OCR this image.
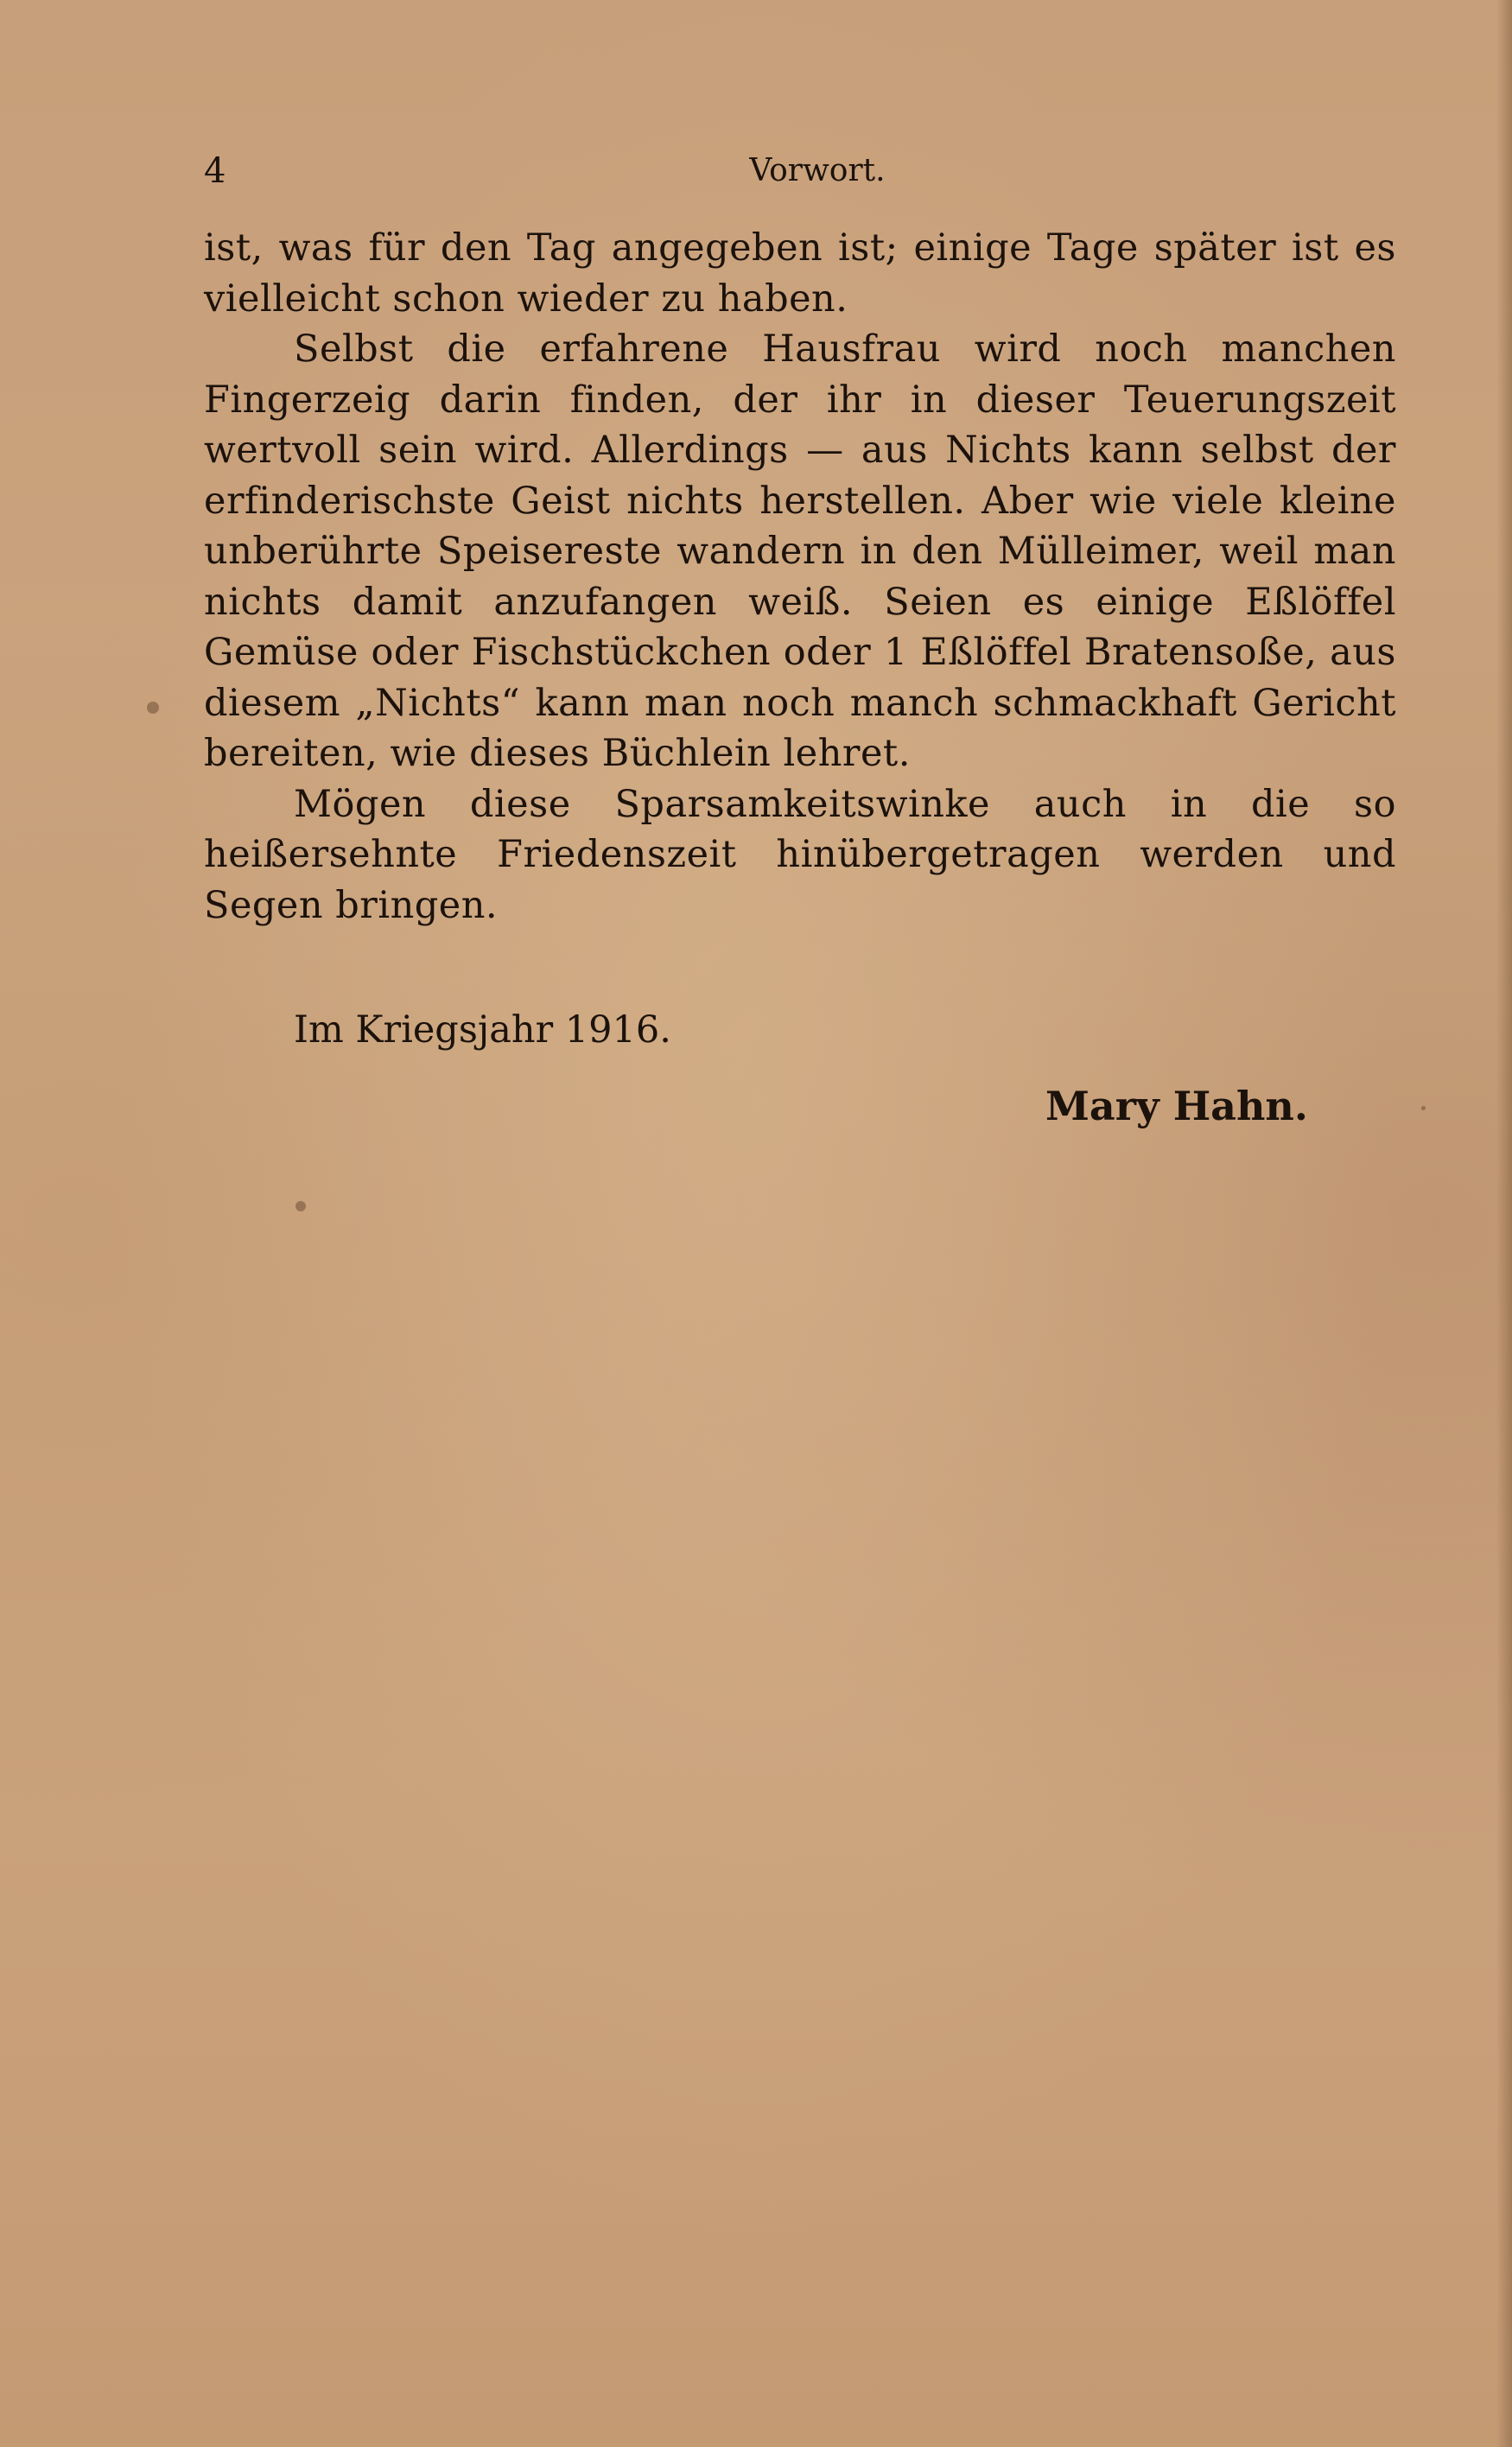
4	Vorwort.

ist, was für den Tag angegeben ist; einige Tage später ist es vielleicht schon wieder zu haben.

Selbst die erfahrene Hausfrau wird noch manchen Fingerzeig darin finden, der ihr in dieser Teuerungszeit wertvoll sein wird. Allerdings — aus Nichts kann selbst der erfinderischste Geist nichts herstellen. Aber wie viele kleine unberührte Speisereste wandern in den Mülleimer, weil man nichts damit anzufangen weiß. Seien es einige Eßlöffel Gemüse oder Fischstückchen oder 1 Eßlöffel Bratensoße, aus diesem „Nichts“ kann man noch manch schmackhaft Gericht bereiten, wie dieses Büchlein lehret.

Mögen diese Sparsamkeitswinke auch in die so heißersehnte Friedenszeit hinübergetragen werden und Segen bringen.

Im Kriegsjahr 1916.
Mary Hahn.
